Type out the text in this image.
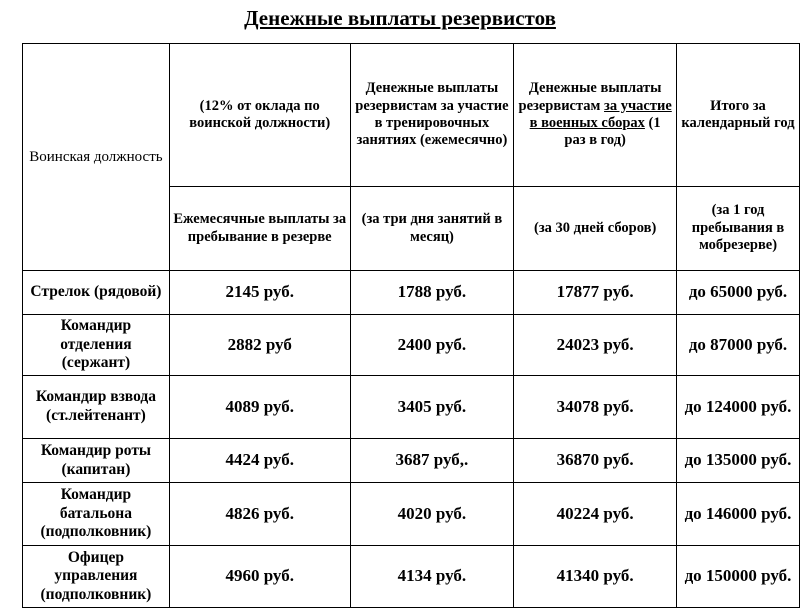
Денежные выплаты резервистов
Воинская должность	(12% от оклада по воинской должности)	Денежные выплаты резервистам за участие в тренировочных занятиях (ежемесячно)	Денежные выплаты резервистам за участие в военных сборах (1 раз в год)	Итого за календарный год
	Ежемесячные выплаты за пребывание в резерве	(за три дня занятий в месяц)	(за 30 дней сборов)	(за 1 год пребывания в мобрезерве)
Стрелок (рядовой)	2145 руб.	1788 руб.	17877 руб.	до 65000 руб.
Командир отделения (сержант)	2882 руб	2400 руб.	24023 руб.	до 87000 руб.
Командир взвода (ст.лейтенант)	4089 руб.	3405 руб.	34078 руб.	до 124000 руб.
Командир роты (капитан)	4424 руб.	3687 руб,.	36870 руб.	до 135000 руб.
Командир батальона (подполковник)	4826 руб.	4020 руб.	40224 руб.	до 146000 руб.
Офицер управления (подполковник)	4960 руб.	4134 руб.	41340 руб.	до 150000 руб.
